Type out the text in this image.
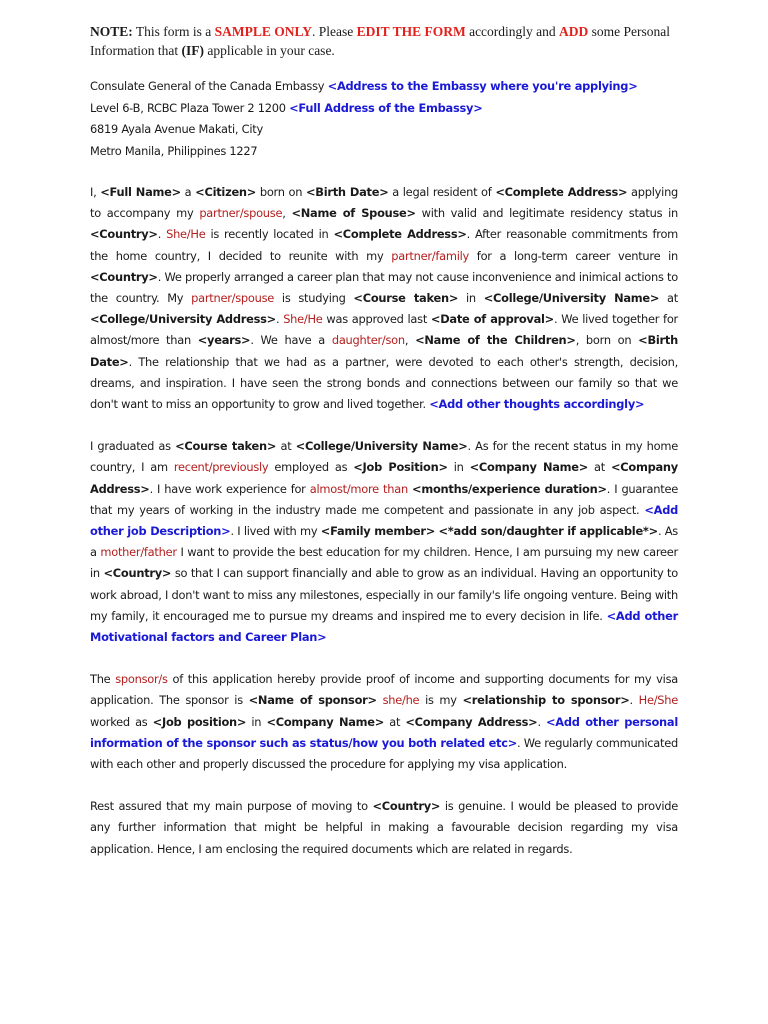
NOTE: This form is a SAMPLE ONLY. Please EDIT THE FORM accordingly and ADD some Personal Information that (IF) applicable in your case.

Consulate General of the Canada Embassy <Address to the Embassy where you're applying>
Level 6-B, RCBC Plaza Tower 2 1200 <Full Address of the Embassy>
6819 Ayala Avenue Makati, City
Metro Manila, Philippines 1227

I, <Full Name> a <Citizen> born on <Birth Date> a legal resident of <Complete Address> applying to accompany my partner/spouse, <Name of Spouse> with valid and legitimate residency status in <Country>. She/He is recently located in <Complete Address>. After reasonable commitments from the home country, I decided to reunite with my partner/family for a long-term career venture in <Country>. We properly arranged a career plan that may not cause inconvenience and inimical actions to the country. My partner/spouse is studying <Course taken> in <College/University Name> at <College/University Address>. She/He was approved last <Date of approval>. We lived together for almost/more than <years>. We have a daughter/son, <Name of the Children>, born on <Birth Date>. The relationship that we had as a partner, were devoted to each other's strength, decision, dreams, and inspiration. I have seen the strong bonds and connections between our family so that we don't want to miss an opportunity to grow and lived together. <Add other thoughts accordingly>

I graduated as <Course taken> at <College/University Name>. As for the recent status in my home country, I am recent/previously employed as <Job Position> in <Company Name> at <Company Address>. I have work experience for almost/more than <months/experience duration>. I guarantee that my years of working in the industry made me competent and passionate in any job aspect. <Add other job Description>. I lived with my <Family member> <*add son/daughter if applicable*>. As a mother/father I want to provide the best education for my children. Hence, I am pursuing my new career in <Country> so that I can support financially and able to grow as an individual. Having an opportunity to work abroad, I don't want to miss any milestones, especially in our family's life ongoing venture. Being with my family, it encouraged me to pursue my dreams and inspired me to every decision in life. <Add other Motivational factors and Career Plan>

The sponsor/s of this application hereby provide proof of income and supporting documents for my visa application. The sponsor is <Name of sponsor> she/he is my <relationship to sponsor>. He/She worked as <Job position> in <Company Name> at <Company Address>. <Add other personal information of the sponsor such as status/how you both related etc>. We regularly communicated with each other and properly discussed the procedure for applying my visa application.

Rest assured that my main purpose of moving to <Country> is genuine. I would be pleased to provide any further information that might be helpful in making a favourable decision regarding my visa application. Hence, I am enclosing the required documents which are related in regards.
